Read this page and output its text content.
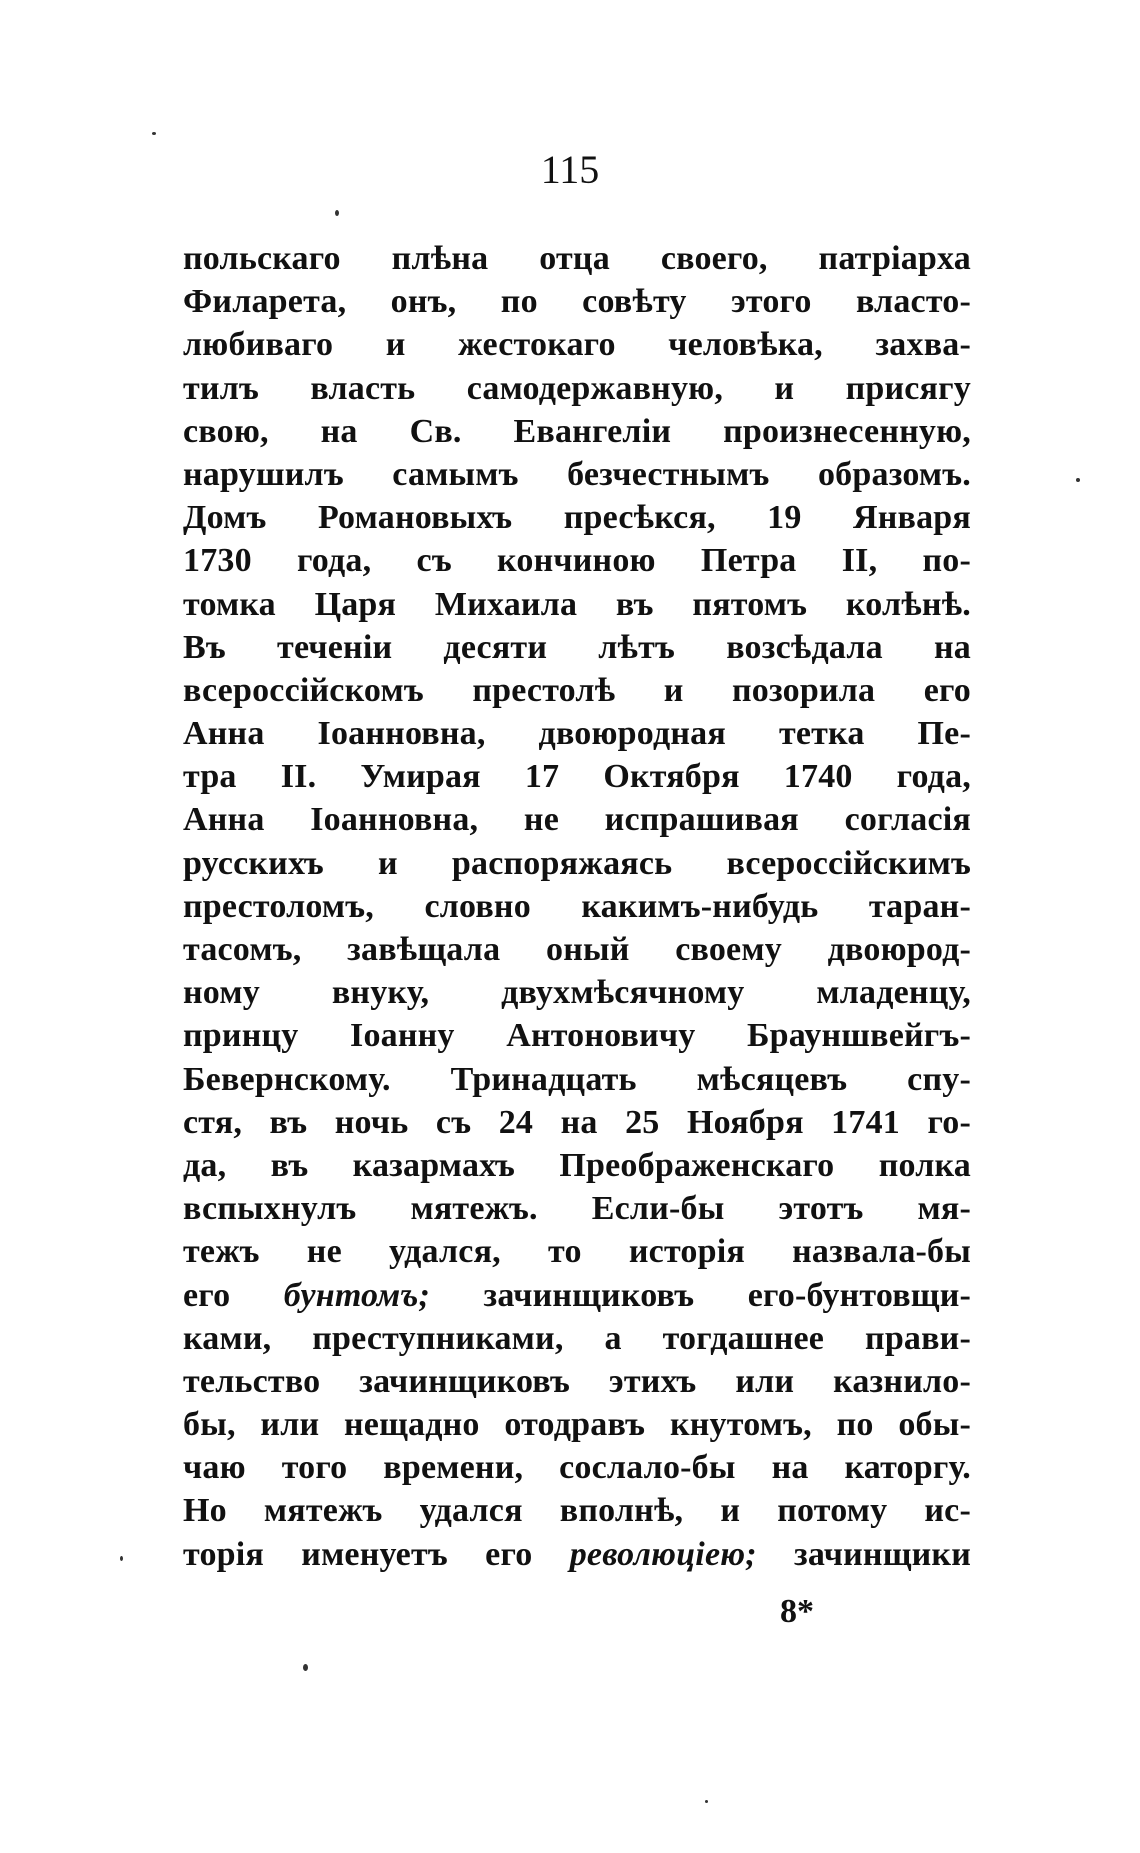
115
польскаго плѣна отца своего, патріарха
Филарета, онъ, по совѣту этого власто-
любиваго и жестокаго человѣка, захва-
тилъ власть самодержавную, и присягу
свою, на Св. Евангеліи произнесенную,
нарушилъ самымъ безчестнымъ образомъ.
Домъ Романовыхъ пресѣкся, 19 Января
1730 года, съ кончиною Петра II, по-
томка Царя Михаила въ пятомъ колѣнѣ.
Въ теченіи десяти лѣтъ возсѣдала на
всероссійскомъ престолѣ и позорила его
Анна Іоанновна, двоюродная тетка Пе-
тра II. Умирая 17 Октября 1740 года,
Анна Іоанновна, не испрашивая согласія
русскихъ и распоряжаясь всероссійскимъ
престоломъ, словно какимъ-нибудь таран-
тасомъ, завѣщала оный своему двоюрод-
ному внуку, двухмѣсячному младенцу,
принцу Іоанну Антоновичу Брауншвейгъ-
Бевернскому. Тринадцать мѣсяцевъ спу-
стя, въ ночь съ 24 на 25 Ноября 1741 го-
да, въ казармахъ Преображенскаго полка
вспыхнулъ мятежъ. Если-бы этотъ мя-
тежъ не удался, то исторія назвала-бы
его бунтомъ; зачинщиковъ его-бунтовщи-
ками, преступниками, а тогдашнее прави-
тельство зачинщиковъ этихъ или казнило-
бы, или нещадно отодравъ кнутомъ, по обы-
чаю того времени, сослало-бы на каторгу.
Но мятежъ удался вполнѣ, и потому ис-
торія именуетъ его революціею; зачинщики
8*
